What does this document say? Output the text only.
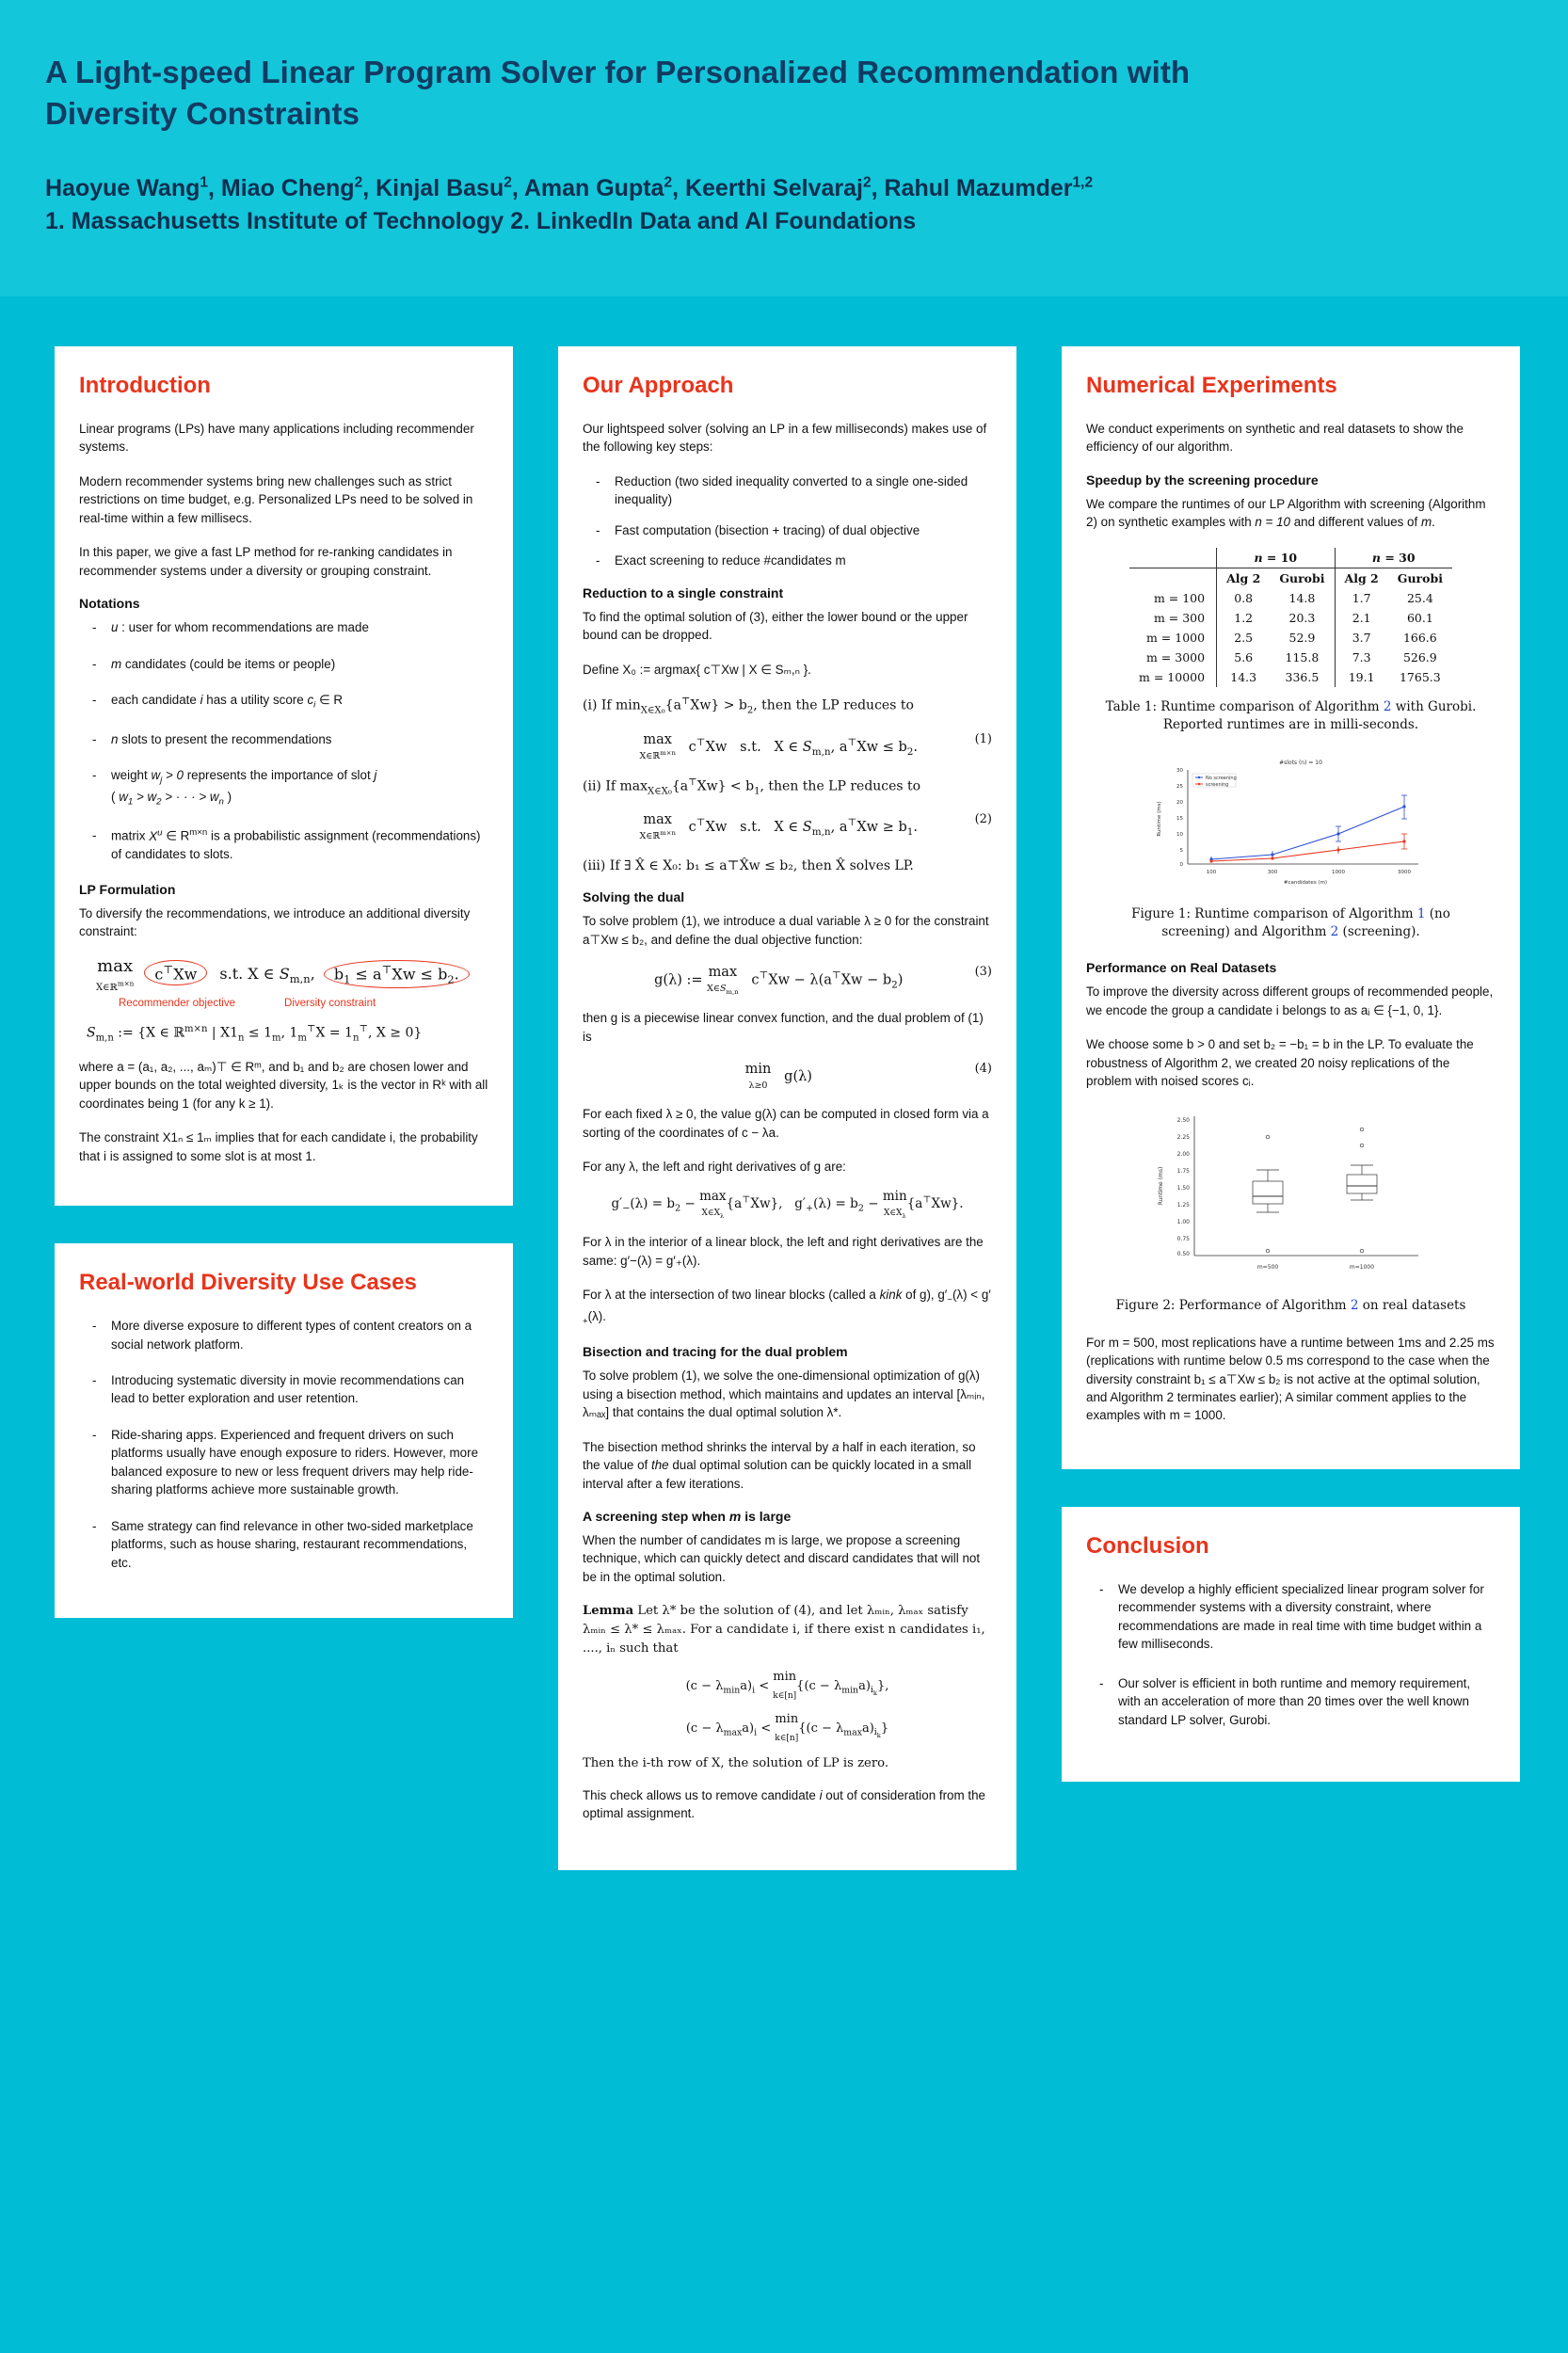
A Light-speed Linear Program Solver for Personalized Recommendation with Diversity Constraints
Haoyue Wang$^1$, Miao Cheng$^2$, Kinjal Basu$^2$, Aman Gupta$^2$, Keerthi Selvaraj$^2$, Rahul Mazumder$^{1,2}$
1. Massachusetts Institute of Technology 2. LinkedIn Data and AI Foundations
Introduction

Linear programs (LPs) have many applications including recommender systems.

Modern recommender systems bring new challenges such as strict restrictions on time budget, e.g. Personalized LPs need to be solved in real-time within a few millisecs.

In this paper, we give a fast LP method for re-ranking candidates in recommender systems under a diversity or grouping constraint.

Notations
- u : user for whom recommendations are made
- m candidates (could be items or people)
- each candidate i has a utility score $c_i$ ∈ R
- n slots to present the recommendations
- weight $w_j > 0$ represents the importance of slot j
( $w_1 > w_2$ > · · · > $w_n$ )
- matrix $X^u$ ∈ $R^{m\times n}$ is a probabilistic assignment (recommendations) of candidates to slots.
LP Formulation

To diversify the recommendations, we introduce an additional diversity constraint:

max
X∈ℝ$^{m\times n}$ c⊤Xw s.t. X ∈ $S_{m,n}$, $b_1 \le a^⊤Xw \le b_2$.
Recommender objective	Diversity constraint
$S_{m,n}$ := {X ∈ ℝ$^{m\times n}$ | $X1_n \le 1_m$, $1_m^⊤X = 1_n^⊤$, X ≥ 0}

where a = (a₁, a₂, ..., aₘ)⊤ ∈ Rᵐ, and b₁ and b₂ are chosen lower and upper bounds on the total weighted diversity, 1ₖ is the vector in Rᵏ with all coordinates being 1 (for any k ≥ 1).

The constraint X1ₙ ≤ 1ₘ implies that for each candidate i, the probability that i is assigned to some slot is at most 1.

Real-world Diversity Use Cases
- More diverse exposure to different types of content creators on a social network platform.
- Introducing systematic diversity in movie recommendations can lead to better exploration and user retention.
- Ride-sharing apps. Experienced and frequent drivers on such platforms usually have enough exposure to riders. However, more balanced exposure to new or less frequent drivers may help ride-sharing platforms achieve more sustainable growth.
- Same strategy can find relevance in other two-sided marketplace platforms, such as house sharing, restaurant recommendations, etc.
Our Approach

Our lightspeed solver (solving an LP in a few milliseconds) makes use of the following key steps:

- Reduction (two sided inequality converted to a single one-sided inequality)
- Fast computation (bisection + tracing) of dual objective
- Exact screening to reduce #candidates m
Reduction to a single constraint

To find the optimal solution of (3), either the lower bound or the upper bound can be dropped.

Define X₀ := argmax{ c⊤Xw | X ∈ Sₘ,ₙ }.

(i) If $\min_{X\in X_0}\{a^⊤Xw\} > b_2$, then the LP reduces to
max
X∈ℝ$^{m\times n}$   c⊤Xw   s.t.   X ∈ $S_{m,n}$, $a^⊤Xw \le b_2$.
(1)
(ii) If $\max_{X\in X_0}\{a^⊤Xw\} < b_1$, then the LP reduces to
max
X∈ℝ$^{m\times n}$   c⊤Xw   s.t.   X ∈ $S_{m,n}$, $a^⊤Xw \ge b_1$.
(2)
(iii) If ∃ X̂ ∈ X₀: b₁ ≤ a⊤X̂w ≤ b₂, then X̂ solves LP.
Solving the dual

To solve problem (1), we introduce a dual variable λ ≥ 0 for the constraint a⊤Xw ≤ b₂, and define the dual objective function:

g(λ) := max
$X\in S_{m,n}$   $c^⊤Xw - \lambda(a^⊤Xw - b_2)$
(3)

then g is a piecewise linear convex function, and the dual problem of (1) is

min
λ≥0   g(λ)
(4)

For each fixed λ ≥ 0, the value g(λ) can be computed in closed form via a sorting of the coordinates of c − λa.

For any λ, the left and right derivatives of g are:

$g'_-(\lambda) = b_2 - \max$
$X\in X_\lambda\{a^⊤Xw\}$,   $g'_+(\lambda) = b_2 - \min$
$X\in X_\lambda\{a^⊤Xw\}$.

For λ in the interior of a linear block, the left and right derivatives are the same: g′−(λ) = g′₊(λ).

For λ at the intersection of two linear blocks (called a kink of g), $g'_-(\lambda) < g'_+(\lambda)$.

Bisection and tracing for the dual problem

To solve problem (1), we solve the one-dimensional optimization of g(λ) using a bisection method, which maintains and updates an interval [λₘᵢₙ, λₘₐₓ] that contains the dual optimal solution λ*.

The bisection method shrinks the interval by a half in each iteration, so the value of the dual optimal solution can be quickly located in a small interval after a few iterations.

A screening step when m is large

When the number of candidates m is large, we propose a screening technique, which can quickly detect and discard candidates that will not be in the optimal solution.

Lemma Let λ* be the solution of (4), and let λₘᵢₙ, λₘₐₓ satisfy λₘᵢₙ ≤ λ* ≤ λₘₐₓ. For a candidate i, if there exist n candidates i₁, ...., iₙ such that
$(c - \lambda_{min}a)_i < \min$
k∈[n]{(c − $\lambda_{min}a)_{i_k}$},
$(c - \lambda_{max}a)_i < \min$
k∈[n]{(c − $\lambda_{max}a)_{i_k}$}
Then the i-th row of X, the solution of LP is zero.

This check allows us to remove candidate i out of consideration from the optimal assignment.

Numerical Experiments

We conduct experiments on synthetic and real datasets to show the efficiency of our algorithm.

Speedup by the screening procedure

We compare the runtimes of our LP Algorithm with screening (Algorithm 2) on synthetic examples with n = 10 and different values of m.

	n = 10		n = 30	
	Alg 2	Gurobi	Alg 2	Gurobi
m = 100	0.8	14.8	1.7	25.4
m = 300	1.2	20.3	2.1	60.1
m = 1000	2.5	52.9	3.7	166.6
m = 3000	5.6	115.8	7.3	526.9
m = 10000	14.3	336.5	19.1	1765.3
Table 1: Runtime comparison of Algorithm 2 with Gurobi. Reported runtimes are in milli-seconds.
#slots (n) = 10
30
25
20
15
10
5
0
Runtime (ms)
100	300	1000	3000
#candidates (m)
No screening
screening
Figure 1: Runtime comparison of Algorithm 1 (no screening) and Algorithm 2 (screening).
Performance on Real Datasets

To improve the diversity across different groups of recommended people, we encode the group a candidate i belongs to as aᵢ ∈ {−1, 0, 1}.

We choose some b > 0 and set b₂ = −b₁ = b in the LP. To evaluate the robustness of Algorithm 2, we created 20 noisy replications of the problem with noised scores cᵢ.

2.50
2.25
2.00
1.75
1.50
1.25
1.00
0.75
0.50
Runtime (ms)
m=500	m=1000
Figure 2: Performance of Algorithm 2 on real datasets

For m = 500, most replications have a runtime between 1ms and 2.25 ms (replications with runtime below 0.5 ms correspond to the case when the diversity constraint b₁ ≤ a⊤Xw ≤ b₂ is not active at the optimal solution, and Algorithm 2 terminates earlier); A similar comment applies to the examples with m = 1000.

Conclusion
- We develop a highly efficient specialized linear program solver for recommender systems with a diversity constraint, where recommendations are made in real time with time budget within a few milliseconds.
- Our solver is efficient in both runtime and memory requirement, with an acceleration of more than 20 times over the well known standard LP solver, Gurobi.
